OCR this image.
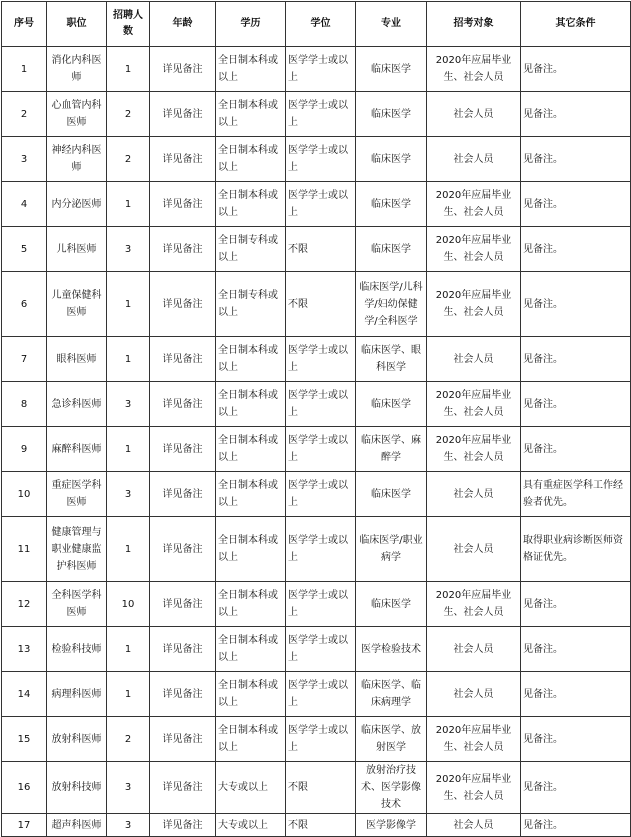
序号	职位	招聘人数	年龄	学历	学位	专业	招考对象	其它条件
1	消化内科医师	1	详见备注	全日制本科或以上	医学学士或以上	临床医学	2020年应届毕业生、社会人员	见备注。
2	心血管内科医师	2	详见备注	全日制本科或以上	医学学士或以上	临床医学	社会人员	见备注。
3	神经内科医师	2	详见备注	全日制本科或以上	医学学士或以上	临床医学	社会人员	见备注。
4	内分泌医师	1	详见备注	全日制本科或以上	医学学士或以上	临床医学	2020年应届毕业生、社会人员	见备注。
5	儿科医师	3	详见备注	全日制专科或以上	不限	临床医学	2020年应届毕业生、社会人员	见备注。
6	儿童保健科医师	1	详见备注	全日制专科或以上	不限	临床医学/儿科学/妇幼保健学/全科医学	2020年应届毕业生、社会人员	见备注。
7	眼科医师	1	详见备注	全日制本科或以上	医学学士或以上	临床医学、眼科医学	社会人员	见备注。
8	急诊科医师	3	详见备注	全日制本科或以上	医学学士或以上	临床医学	2020年应届毕业生、社会人员	见备注。
9	麻醉科医师	1	详见备注	全日制本科或以上	医学学士或以上	临床医学、麻醉学	2020年应届毕业生、社会人员	见备注。
10	重症医学科医师	3	详见备注	全日制本科或以上	医学学士或以上	临床医学	社会人员	具有重症医学科工作经验者优先。
11	健康管理与职业健康监护科医师	1	详见备注	全日制本科或以上	医学学士或以上	临床医学/职业病学	社会人员	取得职业病诊断医师资格证优先。
12	全科医学科医师	10	详见备注	全日制本科或以上	医学学士或以上	临床医学	2020年应届毕业生、社会人员	见备注。
13	检验科技师	1	详见备注	全日制本科或以上	医学学士或以上	医学检验技术	社会人员	见备注。
14	病理科医师	1	详见备注	全日制本科或以上	医学学士或以上	临床医学、临床病理学	社会人员	见备注。
15	放射科医师	2	详见备注	全日制本科或以上	医学学士或以上	临床医学、放射医学	2020年应届毕业生、社会人员	见备注。
16	放射科技师	3	详见备注	大专或以上	不限	放射治疗技术、医学影像技术	2020年应届毕业生、社会人员	见备注。
17	超声科医师	3	详见备注	大专或以上	不限	医学影像学	社会人员	见备注。
